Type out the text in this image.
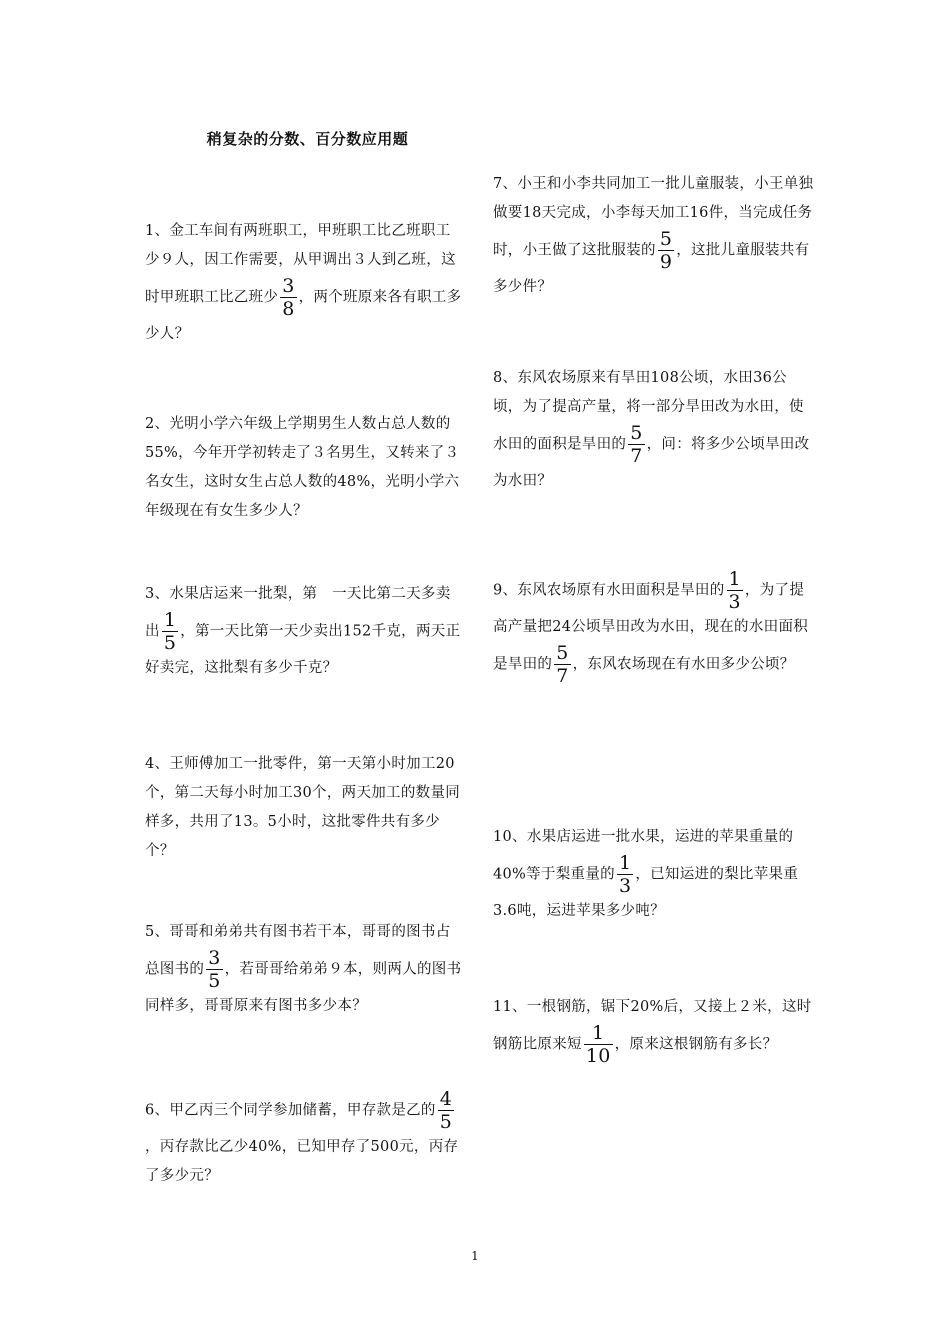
稍复杂的分数、百分数应用题
1、金工车间有两班职工，甲班职工比乙班职工少９人，因工作需要，从甲调出３人到乙班，这时甲班职工比乙班少 $\frac{3}{8}$ ，两个班原来各有职工多少人？
2、光明小学六年级上学期男生人数占总人数的55%，今年开学初转走了３名男生，又转来了３名女生，这时女生占总人数的48%，光明小学六年级现在有女生多少人？
3、水果店运来一批梨，第　一天比第二天多卖出 $\frac{1}{5}$ ，第一天比第一天少卖出152千克，两天正好卖完，这批梨有多少千克？
4、王师傅加工一批零件，第一天第小时加工20个，第二天每小时加工30个，两天加工的数量同样多，共用了13。5小时，这批零件共有多少个？
5、哥哥和弟弟共有图书若干本，哥哥的图书占总图书的 $\frac{3}{5}$ ，若哥哥给弟弟９本，则两人的图书同样多，哥哥原来有图书多少本？
6、甲乙丙三个同学参加储蓄，甲存款是乙的 $\frac{4}{5}$
，丙存款比乙少40%，已知甲存了500元，丙存了多少元？
7、小王和小李共同加工一批儿童服装，小王单独做要18天完成，小李每天加工16件，当完成任务时，小王做了这批服装的 $\frac{5}{9}$ ，这批儿童服装共有多少件？
8、东风农场原来有旱田108公顷，水田36公顷，为了提高产量，将一部分旱田改为水田，使水田的面积是旱田的 $\frac{5}{7}$ ，问：将多少公顷旱田改为水田？
9、东风农场原有水田面积是旱田的 $\frac{1}{3}$ ，为了提高产量把24公顷旱田改为水田，现在的水田面积是旱田的 $\frac{5}{7}$ ，东风农场现在有水田多少公顷？
10、水果店运进一批水果，运进的苹果重量的40%等于梨重量的 $\frac{1}{3}$ ，已知运进的梨比苹果重3.6吨，运进苹果多少吨？
11、一根钢筋，锯下20%后，又接上２米，这时钢筋比原来短 $\frac{1}{10}$ ，原来这根钢筋有多长？
1
